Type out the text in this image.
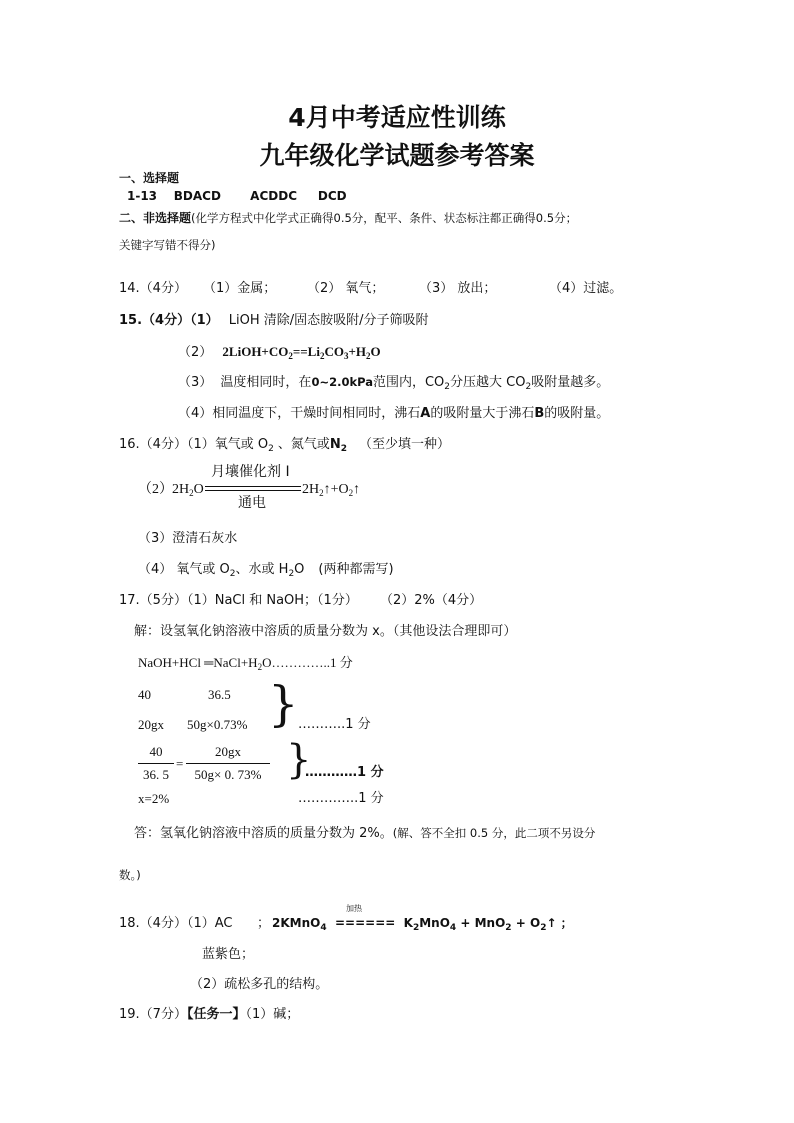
4月中考适应性训练
九年级化学试题参考答案
一、选择题
1-13 BDACD ACDDC DCD
二、非选择题(化学方程式中化学式正确得0.5分，配平、条件、状态标注都正确得0.5分；
关键字写错不得分)
14.（4分） （1）金属； （2） 氧气；	（3） 放出；	（4）过滤。
15.（4分）（1） LiOH 清除/固态胺吸附/分子筛吸附
（2） $2LiOH+CO_2==Li_2CO_3+H_2O$
（3） 温度相同时，在0~2.0kPa范围内，$CO_2$分压越大 $CO_2$吸附量越多。
（4）相同温度下，干燥时间相同时，沸石A的吸附量大于沸石B的吸附量。
16.（4分）（1）氧气或 $O_2$ 、氮气或$N_2$ （至少填一种）
（2） $2H_2O$
月壤催化剂 I
通电
$2H_2↑+O_2↑$
（3）澄清石灰水
（4） 氧气或 $O_2$、水或 $H_2O$ (两种都需写)
17.（5分）（1）NaCl 和 NaOH；（1分） （2）2%（4分）
解：设氢氧化钠溶液中溶质的质量分数为 x。（其他设法合理即可）
NaOH+HCl $═NaCl+H_2O\dots\dots\dots\dots..1$ 分
40	36.5
20gx 50g×0.73% } ………..1 分
40
36. 5
=
20gx
50g× 0. 73% }
…………1 分
x=2%	…………..1 分
答：氢氧化钠溶液中溶质的质量分数为 2%。(解、答不全扣 0.5 分，此二项不另设分
数。)
18.（4分）（1）AC ；
加热
2KMnO$_4$ ====== $K_2MnO_4 + MnO_2$ + $O_2↑$ ；
蓝紫色；
（2）疏松多孔的结构。
19.（7分）【任务一】（1）碱；
